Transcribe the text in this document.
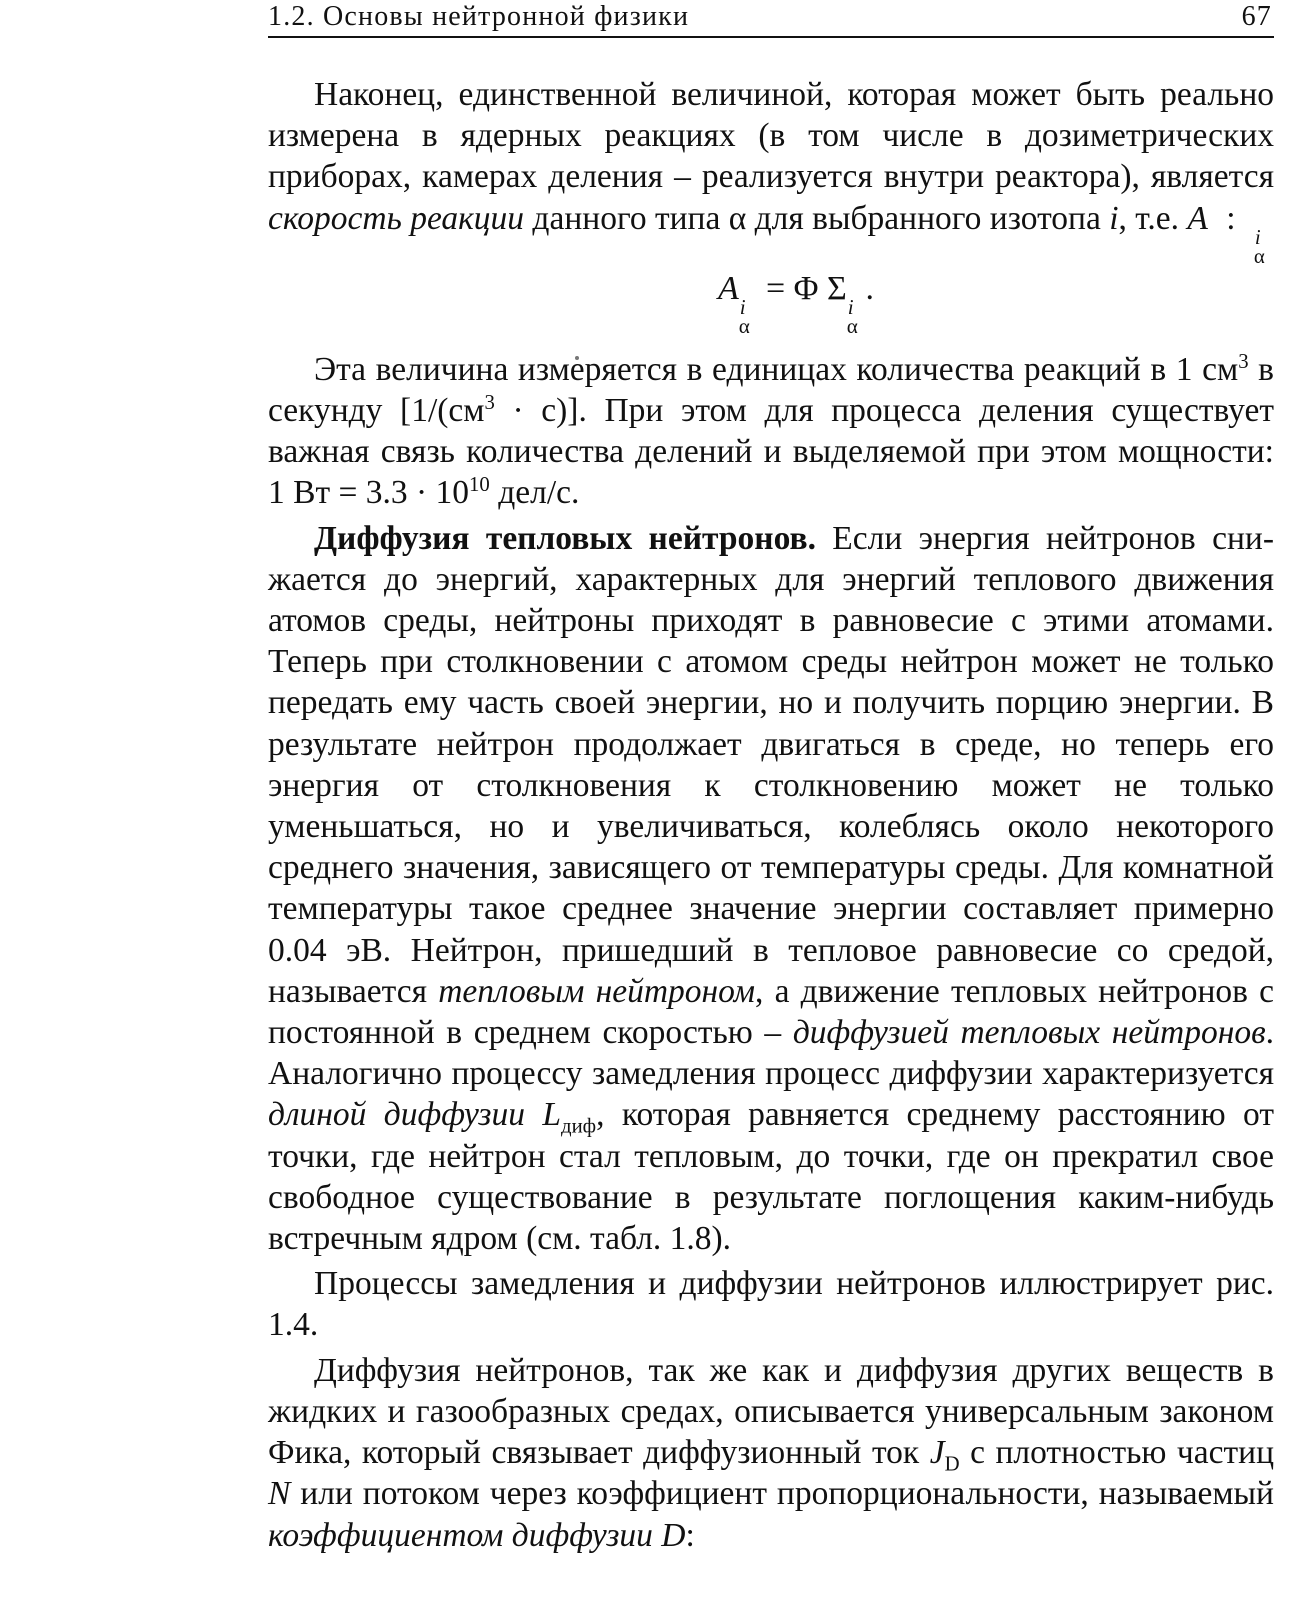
1.2. Основы нейтронной физики	67

Наконец, единственной величиной, которая может быть реально измерена в ядерных реакциях (в том числе в дозиметрических приборах, камерах деления – реализуется внутри реактора), является скорость реакции данного типа α для выбранного изотопа i, т.е. A
i
α
:

A
i
α
= Φ Σ
i
α
.

Эта величина измеряется в единицах количества реакций в 1 $см^3$ в секунду $[1/(см^3 \cdot с)]$. При этом для процесса деления существует важная связь количества делений и выделяемой при этом мощности: 1 Вт = $3.3 \cdot 10^{10}$ дел/с.

Диффузия тепловых нейтронов. Если энергия нейтронов снижается до энергий, характерных для энергий теплового движения атомов среды, нейтроны приходят в равновесие с этими атомами. Теперь при столкновении с атомом среды нейтрон может не только передать ему часть своей энергии, но и получить порцию энергии. В результате нейтрон продолжает двигаться в среде, но теперь его энергия от столкновения к столкновению может не только уменьшаться, но и увеличиваться, колеблясь около некоторого среднего значения, зависящего от температуры среды. Для комнатной температуры такое среднее значение энергии составляет примерно 0.04 эВ. Нейтрон, пришедший в тепловое равновесие со средой, называется тепловым нейтроном, а движение тепловых нейтронов с постоянной в среднем скоростью – диффузией тепловых нейтронов. Аналогично процессу замедления процесс диффузии характеризуется длиной диффузии $L_{диф}$, которая равняется среднему расстоянию от точки, где нейтрон стал тепловым, до точки, где он прекратил свое свободное существование в результате поглощения каким-нибудь встречным ядром (см. табл. 1.8).

Процессы замедления и диффузии нейтронов иллюстрирует рис. 1.4.

Диффузия нейтронов, так же как и диффузия других веществ в жидких и газообразных средах, описывается универсальным законом Фика, который связывает диффузионный ток $J_D$ с плотностью частиц N или потоком через коэффициент пропорциональности, называемый коэффициентом диффузии D:
